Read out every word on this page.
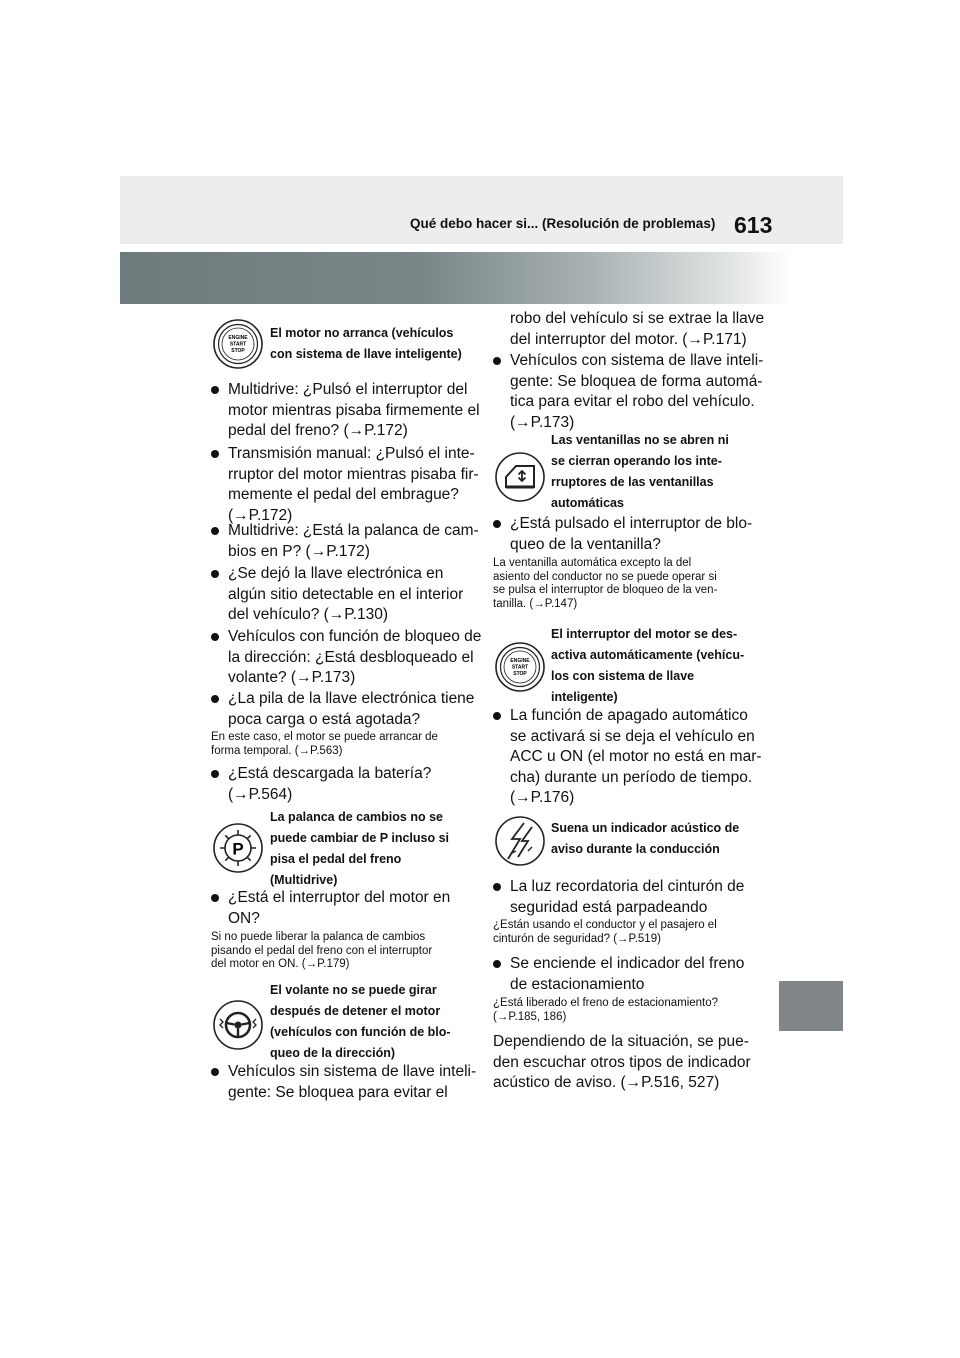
Qué debo hacer si... (Resolución de problemas) 613
ENGINE
START
STOP
El motor no arranca (vehículos
con sistema de llave inteligente)
Multidrive: ¿Pulsó el interruptor del
motor mientras pisaba firmemente el
pedal del freno? (→P.172)
Transmisión manual: ¿Pulsó el inte-
rruptor del motor mientras pisaba fir-
memente el pedal del embrague?
(→P.172)
Multidrive: ¿Está la palanca de cam-
bios en P? (→P.172)
¿Se dejó la llave electrónica en
algún sitio detectable en el interior
del vehículo? (→P.130)
Vehículos con función de bloqueo de
la dirección: ¿Está desbloqueado el
volante? (→P.173)
¿La pila de la llave electrónica tiene
poca carga o está agotada?
En este caso, el motor se puede arrancar de
forma temporal. (→P.563)
¿Está descargada la batería?
(→P.564)
P
La palanca de cambios no se
puede cambiar de P incluso si
pisa el pedal del freno
(Multidrive)
¿Está el interruptor del motor en
ON?
Si no puede liberar la palanca de cambios
pisando el pedal del freno con el interruptor
del motor en ON. (→P.179)
El volante no se puede girar
después de detener el motor
(vehículos con función de blo-
queo de la dirección)
Vehículos sin sistema de llave inteli-
gente: Se bloquea para evitar el
robo del vehículo si se extrae la llave
del interruptor del motor. (→P.171)
Vehículos con sistema de llave inteli-
gente: Se bloquea de forma automá-
tica para evitar el robo del vehículo.
(→P.173)
Las ventanillas no se abren ni
se cierran operando los inte-
rruptores de las ventanillas
automáticas
¿Está pulsado el interruptor de blo-
queo de la ventanilla?
La ventanilla automática excepto la del
asiento del conductor no se puede operar si
se pulsa el interruptor de bloqueo de la ven-
tanilla. (→P.147)
ENGINE
START
STOP
El interruptor del motor se des-
activa automáticamente (vehícu-
los con sistema de llave
inteligente)
La función de apagado automático
se activará si se deja el vehículo en
ACC u ON (el motor no está en mar-
cha) durante un período de tiempo.
(→P.176)
Suena un indicador acústico de
aviso durante la conducción
La luz recordatoria del cinturón de
seguridad está parpadeando
¿Están usando el conductor y el pasajero el
cinturón de seguridad? (→P.519)
Se enciende el indicador del freno
de estacionamiento
¿Está liberado el freno de estacionamiento?
(→P.185, 186)
Dependiendo de la situación, se pue-
den escuchar otros tipos de indicador
acústico de aviso. (→P.516, 527)
